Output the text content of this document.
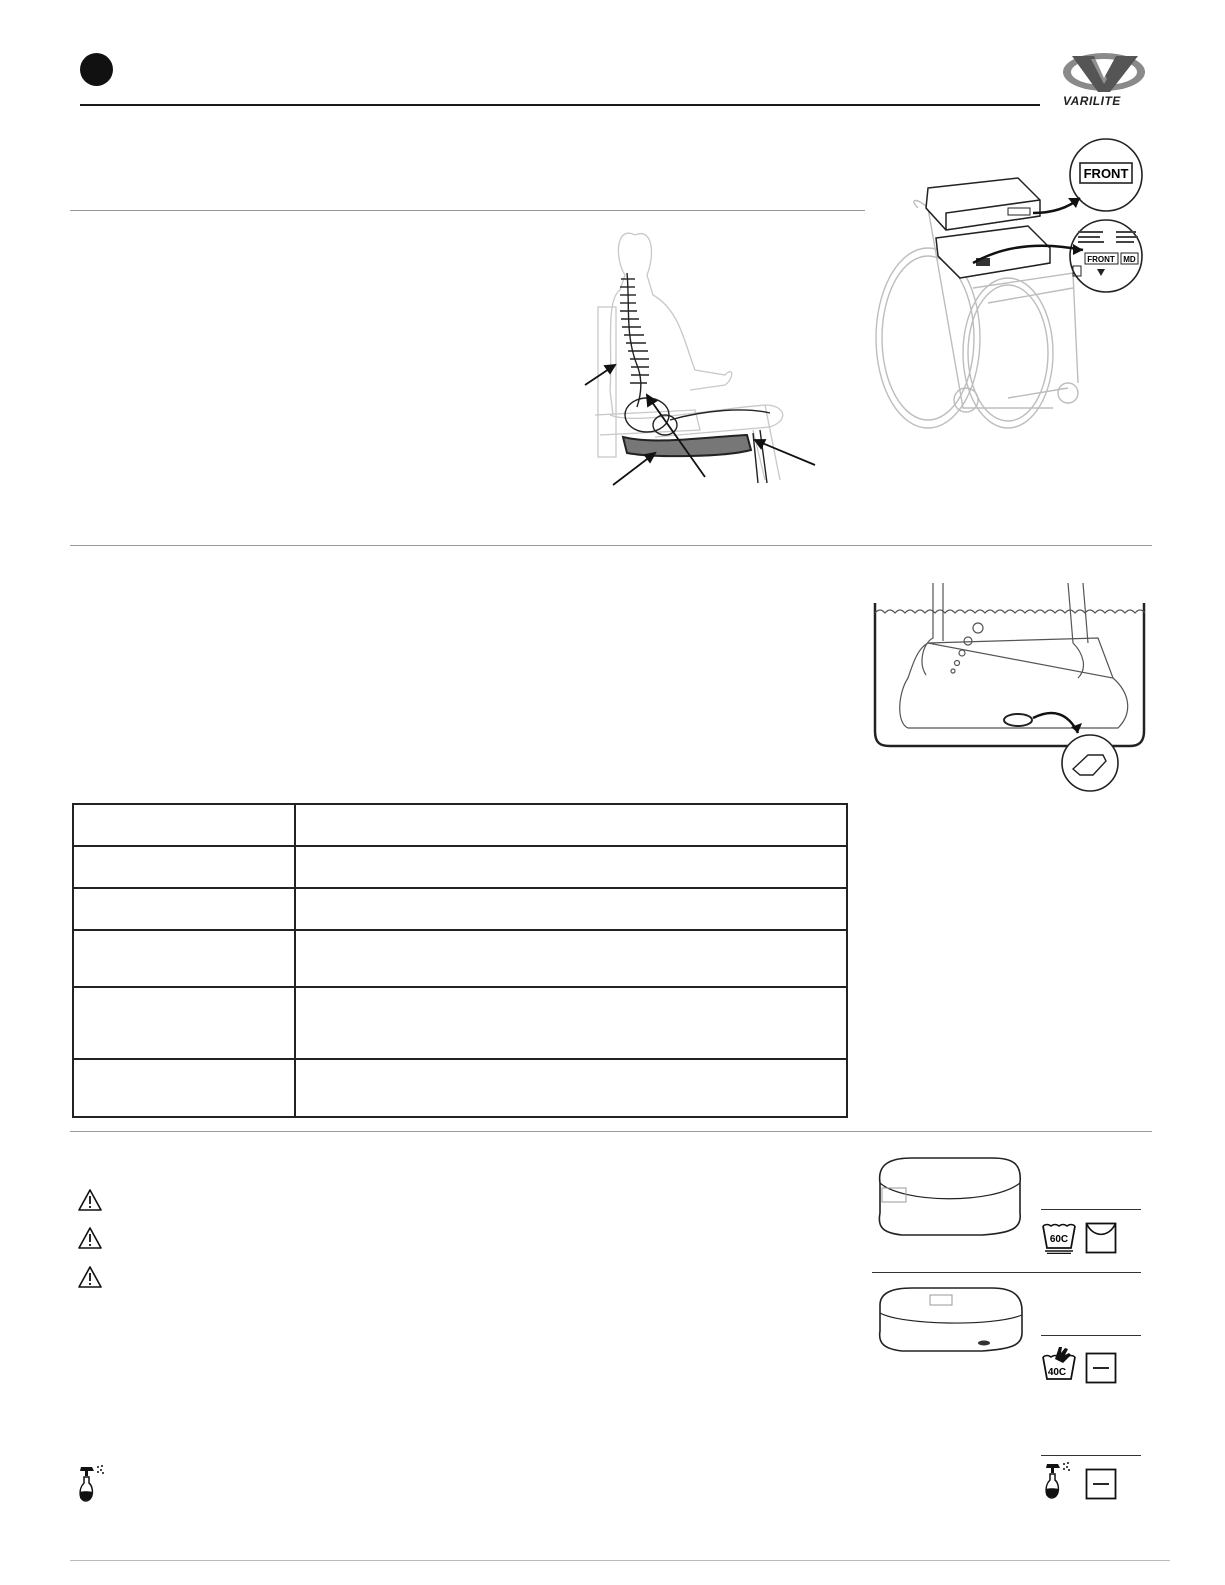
VARILITE
FRONT
FRONT MD

60C
40C
